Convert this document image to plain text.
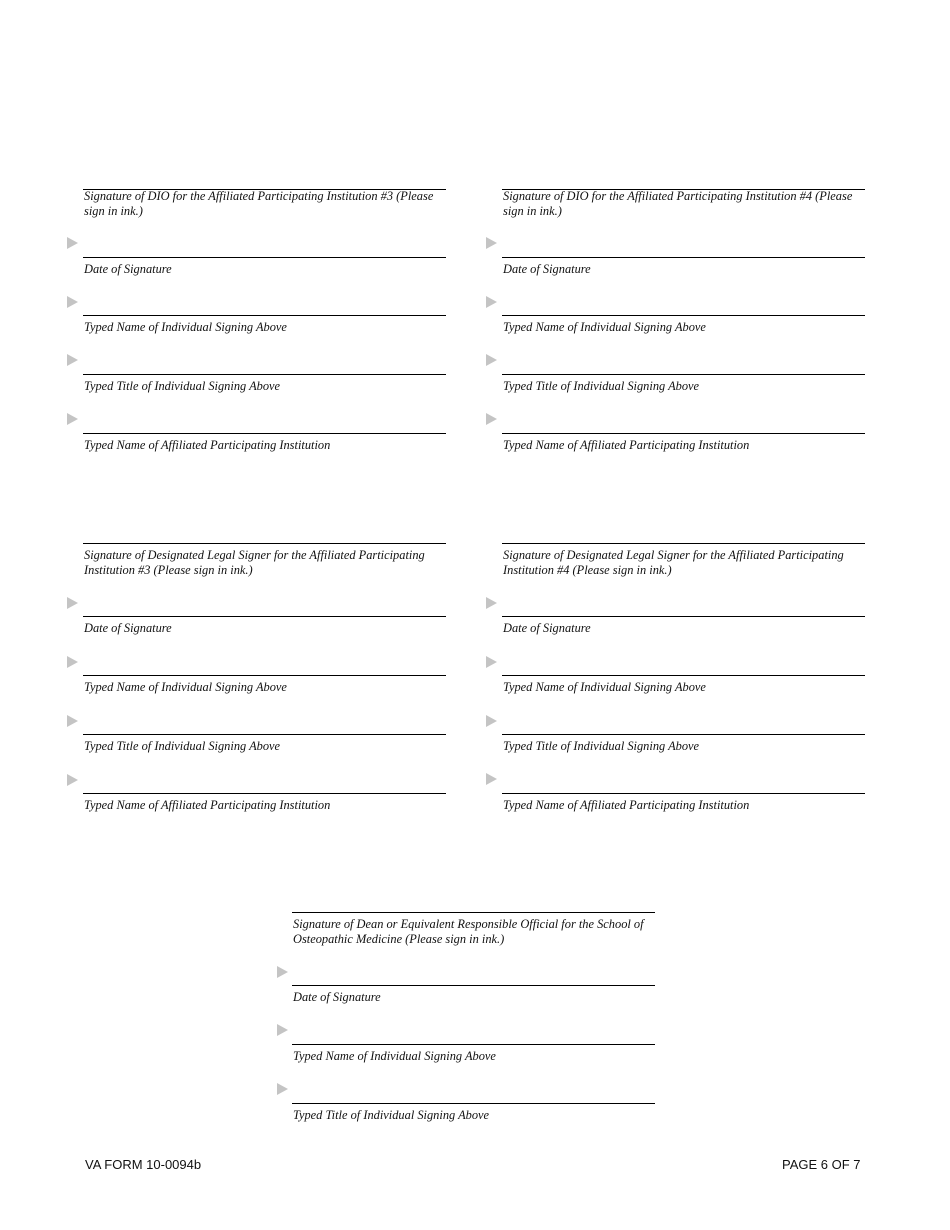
Signature of DIO for the Affiliated Participating Institution #3 (Please sign in ink.)
Date of Signature
Typed Name of Individual Signing Above
Typed Title of Individual Signing Above
Typed Name of Affiliated Participating Institution
Signature of DIO for the Affiliated Participating Institution #4 (Please sign in ink.)
Date of Signature
Typed Name of Individual Signing Above
Typed Title of Individual Signing Above
Typed Name of Affiliated Participating Institution
Signature of Designated Legal Signer for the Affiliated Participating Institution #3 (Please sign in ink.)
Date of Signature
Typed Name of Individual Signing Above
Typed Title of Individual Signing Above
Typed Name of Affiliated Participating Institution
Signature of Designated Legal Signer for the Affiliated Participating Institution #4 (Please sign in ink.)
Date of Signature
Typed Name of Individual Signing Above
Typed Title of Individual Signing Above
Typed Name of Affiliated Participating Institution
Signature of Dean or Equivalent Responsible Official for the School of Osteopathic Medicine (Please sign in ink.)
Date of Signature
Typed Name of Individual Signing Above
Typed Title of Individual Signing Above
VA FORM 10-0094b	PAGE 6 OF 7
